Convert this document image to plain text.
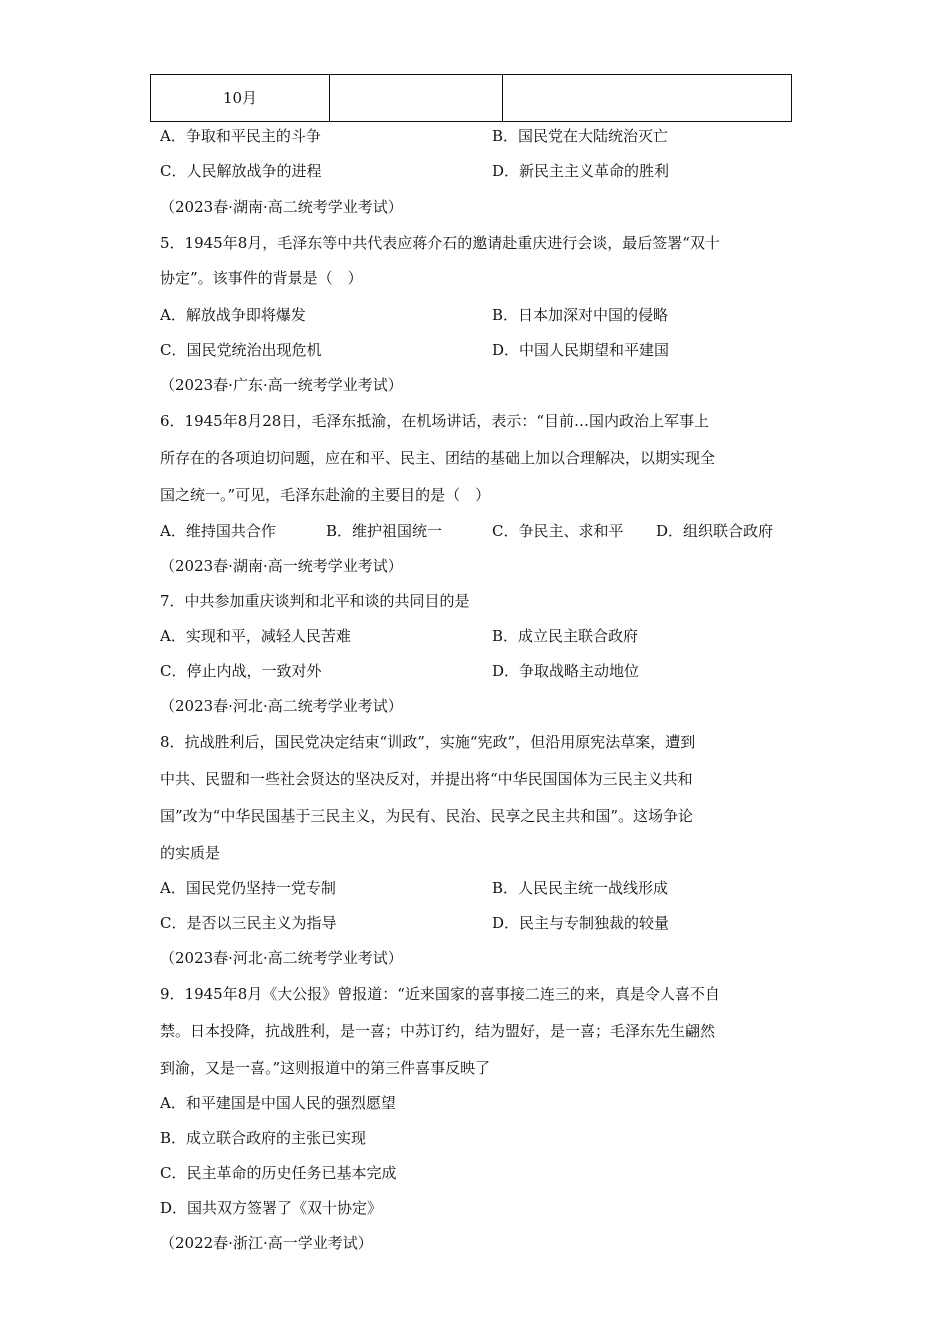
10月		
A．争取和平民主的斗争	B．国民党在大陆统治灭亡
C．人民解放战争的进程	D．新民主主义革命的胜利
（2023春·湖南·高二统考学业考试）
5．1945年8月，毛泽东等中共代表应蒋介石的邀请赴重庆进行会谈，最后签署“双十
协定”。该事件的背景是（　）
A．解放战争即将爆发	B．日本加深对中国的侵略
C．国民党统治出现危机	D．中国人民期望和平建国
（2023春·广东·高一统考学业考试）
6．1945年8月28日，毛泽东抵渝，在机场讲话，表示：“目前…国内政治上军事上
所存在的各项迫切问题，应在和平、民主、团结的基础上加以合理解决，以期实现全
国之统一。”可见，毛泽东赴渝的主要目的是（　）
A．维持国共合作	B．维护祖国统一	C．争民主、求和平 D．组织联合政府
（2023春·湖南·高一统考学业考试）
7．中共参加重庆谈判和北平和谈的共同目的是
A．实现和平，减轻人民苦难	B．成立民主联合政府
C．停止内战，一致对外	D．争取战略主动地位
（2023春·河北·高二统考学业考试）
8．抗战胜利后，国民党决定结束“训政”，实施“宪政”，但沿用原宪法草案，遭到
中共、民盟和一些社会贤达的坚决反对，并提出将“中华民国国体为三民主义共和
国”改为“中华民国基于三民主义，为民有、民治、民享之民主共和国”。这场争论
的实质是
A．国民党仍坚持一党专制	B．人民民主统一战线形成
C．是否以三民主义为指导	D．民主与专制独裁的较量
（2023春·河北·高二统考学业考试）
9．1945年8月《大公报》曾报道：“近来国家的喜事接二连三的来，真是令人喜不自
禁。日本投降，抗战胜利，是一喜；中苏订约，结为盟好，是一喜；毛泽东先生翩然
到渝，又是一喜。”这则报道中的第三件喜事反映了
A．和平建国是中国人民的强烈愿望
B．成立联合政府的主张已实现
C．民主革命的历史任务已基本完成
D．国共双方签署了《双十协定》
（2022春·浙江·高一学业考试）
